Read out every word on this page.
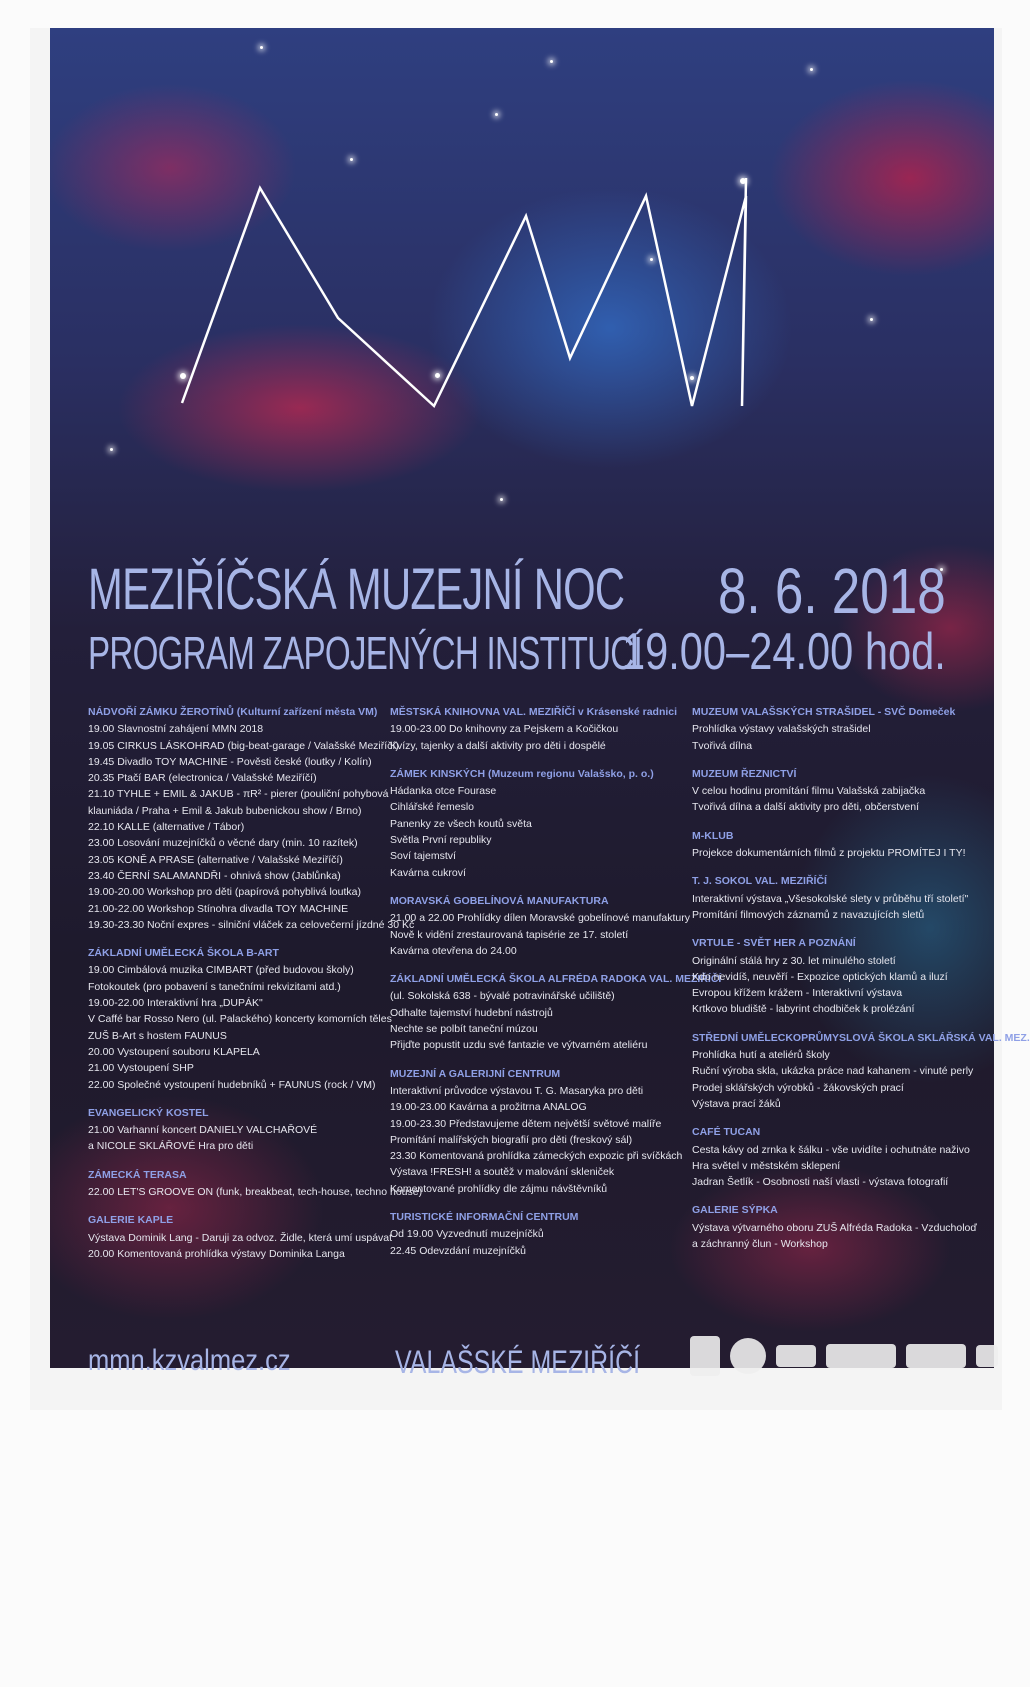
MEZIŘÍČSKÁ MUZEJNÍ NOC
PROGRAM ZAPOJENÝCH INSTITUCÍ
8. 6. 2018
19.00–24.00 hod.
NÁDVOŘÍ ZÁMKU ŽEROTÍNŮ (Kulturní zařízení města VM)
19.00 Slavnostní zahájení MMN 2018
19.05 CIRKUS LÁSKOHRAD (big-beat-garage / Valašské Meziříčí)
19.45 Divadlo TOY MACHINE - Pověsti české (loutky / Kolín)
20.35 Ptačí BAR (electronica / Valašské Meziříčí)
21.10 TYHLE + EMIL & JAKUB - πR² - pierer (pouliční pohybová
klauniáda / Praha + Emil & Jakub bubenickou show / Brno)
22.10 KALLE (alternative / Tábor)
23.00 Losování muzejníčků o věcné dary (min. 10 razítek)
23.05 KONĚ A PRASE (alternative / Valašské Meziříčí)
23.40 ČERNÍ SALAMANDŘI - ohnivá show (Jablůnka)
19.00-20.00 Workshop pro děti (papírová pohyblivá loutka)
21.00-22.00 Workshop Stínohra divadla TOY MACHINE
19.30-23.30 Noční expres - silniční vláček za celovečerní jízdné 30 Kč
ZÁKLADNÍ UMĚLECKÁ ŠKOLA B-ART
19.00 Cimbálová muzika CIMBART (před budovou školy)
Fotokoutek (pro pobavení s tanečními rekvizitami atd.)
19.00-22.00 Interaktivní hra „DUPÁK"
V Caffé bar Rosso Nero (ul. Palackého) koncerty komorních těles
ZUŠ B-Art s hostem FAUNUS
20.00 Vystoupení souboru KLAPELA
21.00 Vystoupení SHP
22.00 Společné vystoupení hudebníků + FAUNUS (rock / VM)
EVANGELICKÝ KOSTEL
21.00 Varhanní koncert DANIELY VALCHAŘOVÉ
a NICOLE SKLÁŘOVÉ Hra pro děti
ZÁMECKÁ TERASA
22.00 LET'S GROOVE ON (funk, breakbeat, tech-house, techno house)
GALERIE KAPLE
Výstava Dominik Lang - Daruji za odvoz. Židle, která umí uspávat
20.00 Komentovaná prohlídka výstavy Dominika Langa
MĚSTSKÁ KNIHOVNA VAL. MEZIŘÍČÍ v Krásenské radnici
19.00-23.00 Do knihovny za Pejskem a Kočičkou
Kvízy, tajenky a další aktivity pro děti i dospělé
ZÁMEK KINSKÝCH (Muzeum regionu Valašsko, p. o.)
Hádanka otce Fourase
Cihlářské řemeslo
Panenky ze všech koutů světa
Světla První republiky
Soví tajemství
Kavárna cukroví
MORAVSKÁ GOBELÍNOVÁ MANUFAKTURA
21.00 a 22.00 Prohlídky dílen Moravské gobelínové manufaktury
Nově k vidění zrestaurovaná tapisérie ze 17. století
Kavárna otevřena do 24.00
ZÁKLADNÍ UMĚLECKÁ ŠKOLA ALFRÉDA RADOKA VAL. MEZIŘÍČÍ
(ul. Sokolská 638 - bývalé potravinářské učiliště)
Odhalte tajemství hudební nástrojů
Nechte se polbít taneční múzou
Přijďte popustit uzdu své fantazie ve výtvarném ateliéru
MUZEJNÍ A GALERIJNÍ CENTRUM
Interaktivní průvodce výstavou T. G. Masaryka pro děti
19.00-23.00 Kavárna a prožitrna ANALOG
19.00-23.30 Představujeme dětem největší světové malíře
Promítání malířských biografií pro děti (freskový sál)
23.30 Komentovaná prohlídka zámeckých expozic při svíčkách
Výstava !FRESH! a soutěž v malování skleniček
Komentované prohlídky dle zájmu návštěvníků
TURISTICKÉ INFORMAČNÍ CENTRUM
Od 19.00 Vyzvednutí muzejníčků
22.45 Odevzdání muzejníčků
MUZEUM VALAŠSKÝCH STRAŠIDEL - SVČ Domeček
Prohlídka výstavy valašských strašidel
Tvořivá dílna
MUZEUM ŘEZNICTVÍ
V celou hodinu promítání filmu Valašská zabijačka
Tvořivá dílna a další aktivity pro děti, občerstvení
M-KLUB
Projekce dokumentárních filmů z projektu PROMÍTEJ I TY!
T. J. SOKOL VAL. MEZIŘÍČÍ
Interaktivní výstava „Všesokolské slety v průběhu tří století"
Promítání filmových záznamů z navazujících sletů
VRTULE - SVĚT HER A POZNÁNÍ
Originální stálá hry z 30. let minulého století
Kdo nevidíš, neuvěří - Expozice optických klamů a iluzí
Evropou křížem krážem - Interaktivní výstava
Krtkovo bludiště - labyrint chodbiček k prolézání
STŘEDNÍ UMĚLECKOPRŮMYSLOVÁ ŠKOLA SKLÁŘSKÁ VAL. MEZ.
Prohlídka hutí a ateliérů školy
Ruční výroba skla, ukázka práce nad kahanem - vinuté perly
Prodej sklářských výrobků - žákovských prací
Výstava prací žáků
CAFÉ TUCAN
Cesta kávy od zrnka k šálku - vše uvidíte i ochutnáte naživo
Hra světel v městském sklepení
Jadran Šetlík - Osobnosti naší vlasti - výstava fotografií
GALERIE SÝPKA
Výstava výtvarného oboru ZUŠ Alfréda Radoka - Vzducholoď
a záchranný člun - Workshop
mmn.kzvalmez.cz	VALAŠSKÉ MEZIŘÍČÍ
